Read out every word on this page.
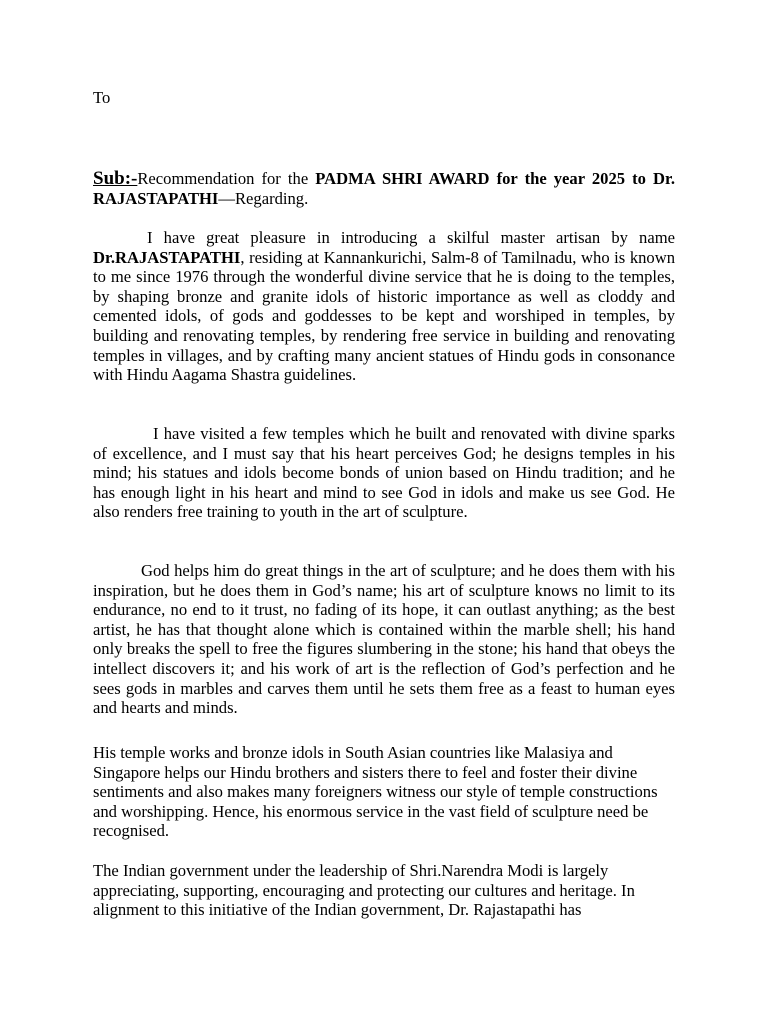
To
Sub:-Recommendation for the PADMA SHRI AWARD for the year 2025 to Dr. RAJASTAPATHI—Regarding.
I have great pleasure in introducing a skilful master artisan by name Dr.RAJASTAPATHI, residing at Kannankurichi, Salm-8 of Tamilnadu, who is known to me since 1976 through the wonderful divine service that he is doing to the temples, by shaping bronze and granite idols of historic importance as well as cloddy and cemented idols, of gods and goddesses to be kept and worshiped in temples, by building and renovating temples, by rendering free service in building and renovating temples in villages, and by crafting many ancient statues of Hindu gods in consonance with Hindu Aagama Shastra guidelines.
I have visited a few temples which he built and renovated with divine sparks of excellence, and I must say that his heart perceives God; he designs temples in his mind; his statues and idols become bonds of union based on Hindu tradition; and he has enough light in his heart and mind to see God in idols and make us see God. He also renders free training to youth in the art of sculpture.
God helps him do great things in the art of sculpture; and he does them with his inspiration, but he does them in God’s name; his art of sculpture knows no limit to its endurance, no end to it trust, no fading of its hope, it can outlast anything; as the best artist, he has that thought alone which is contained within the marble shell; his hand only breaks the spell to free the figures slumbering in the stone; his hand that obeys the intellect discovers it; and his work of art is the reflection of God’s perfection and he sees gods in marbles and carves them until he sets them free as a feast to human eyes and hearts and minds.
His temple works and bronze idols in South Asian countries like Malasiya and Singapore helps our Hindu brothers and sisters there to feel and foster their divine sentiments and also makes many foreigners witness our style of temple constructions and worshipping. Hence, his enormous service in the vast field of sculpture need be recognised.
The Indian government under the leadership of Shri.Narendra Modi is largely appreciating, supporting, encouraging and protecting our cultures and heritage. In alignment to this initiative of the Indian government, Dr. Rajastapathi has
